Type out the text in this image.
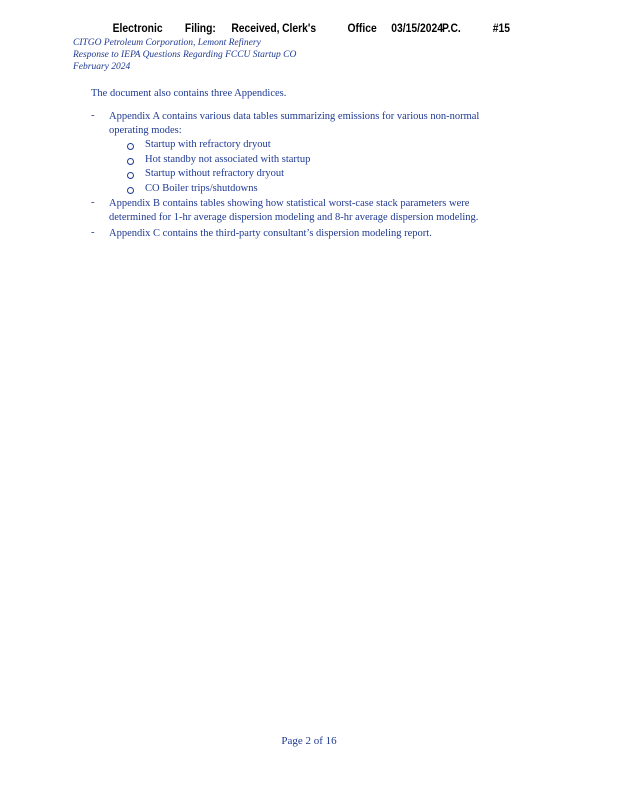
Electronic Filing: Received, Clerk's	Office 03/15/2024 P.C.	#15
CITGO Petroleum Corporation, Lemont Refinery
Response to IEPA Questions Regarding FCCU Startup CO
February 2024
The document also contains three Appendices.
- Appendix A contains various data tables summarizing emissions for various non-normal
operating modes:
Startup with refractory dryout
Hot standby not associated with startup
Startup without refractory dryout
CO Boiler trips/shutdowns
- Appendix B contains tables showing how statistical worst-case stack parameters were
determined for 1-hr average dispersion modeling and 8-hr average dispersion modeling.
- Appendix C contains the third-party consultant’s dispersion modeling report.
Page 2 of 16
